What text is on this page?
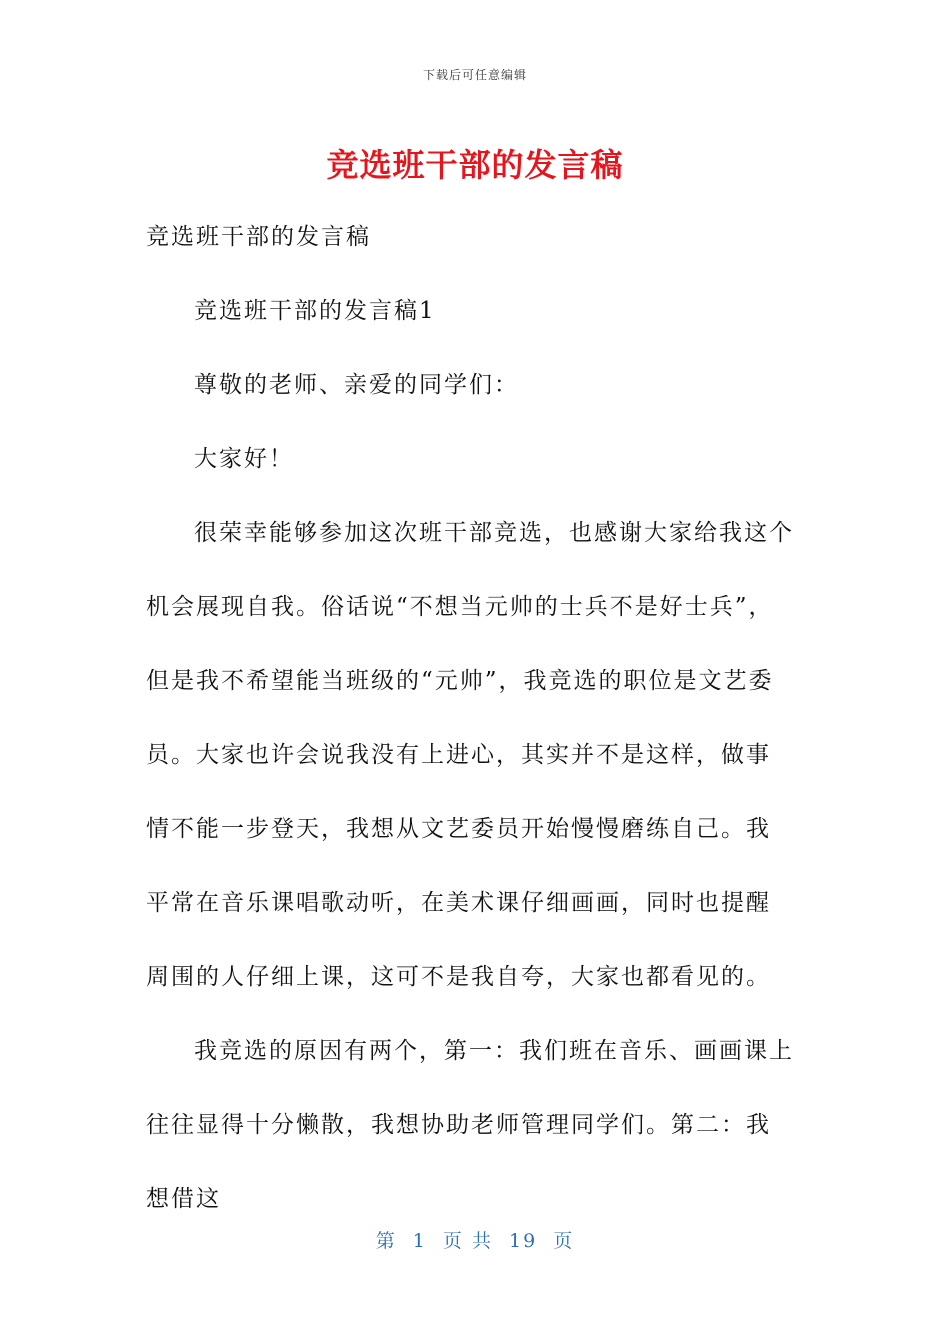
下载后可任意编辑
竞选班干部的发言稿

竞选班干部的发言稿

竞选班干部的发言稿1

尊敬的老师、亲爱的同学们：

大家好！

很荣幸能够参加这次班干部竞选，也感谢大家给我这个机会展现自我。俗话说“不想当元帅的士兵不是好士兵”，但是我不希望能当班级的“元帅”，我竞选的职位是文艺委员。大家也许会说我没有上进心，其实并不是这样，做事情不能一步登天，我想从文艺委员开始慢慢磨练自己。我平常在音乐课唱歌动听，在美术课仔细画画，同时也提醒周围的人仔细上课，这可不是我自夸，大家也都看见的。

我竞选的原因有两个，第一：我们班在音乐、画画课上往往显得十分懒散，我想协助老师管理同学们。第二：我想借这

第 1 页 共 19 页
